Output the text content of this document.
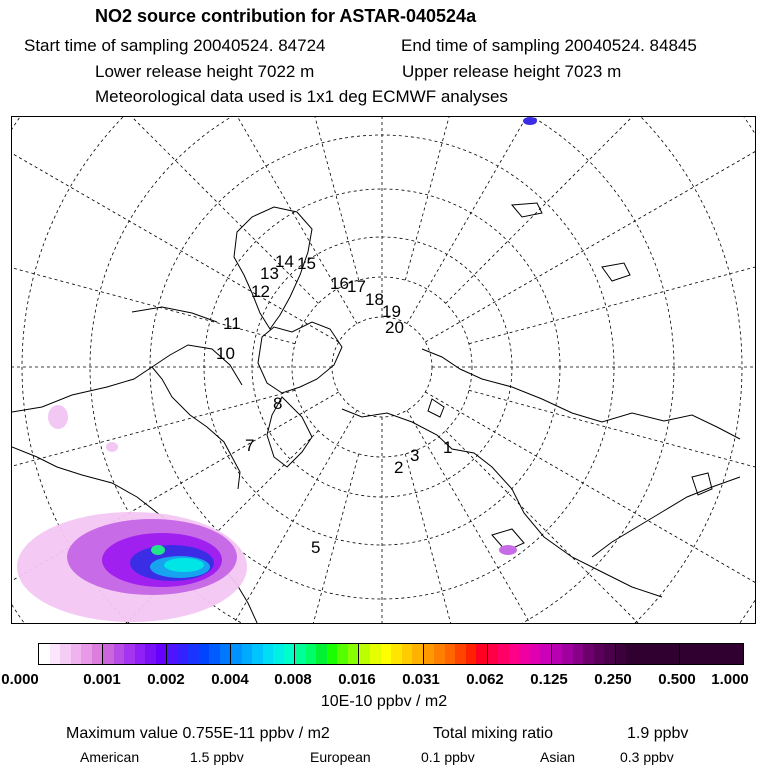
NO2 source contribution for ASTAR-040524a
Start time of sampling 20040524. 84724	End time of sampling 20040524. 84845
Lower release height 7022 m	Upper release height 7023 m
Meteorological data used is 1x1 deg ECMWF analyses
1
2
3
5
7
8
10
11
12
13
14 15
16
17
18
19
20
0.000	0.001 0.002 0.004 0.008 0.016 0.031 0.062 0.125 0.250 0.500 1.000
10E-10 ppbv / m2
Maximum value 0.755E-11 ppbv / m2	Total mixing ratio	1.9 ppbv
American	1.5 ppbv	European	0.1 ppbv	Asian	0.3 ppbv
